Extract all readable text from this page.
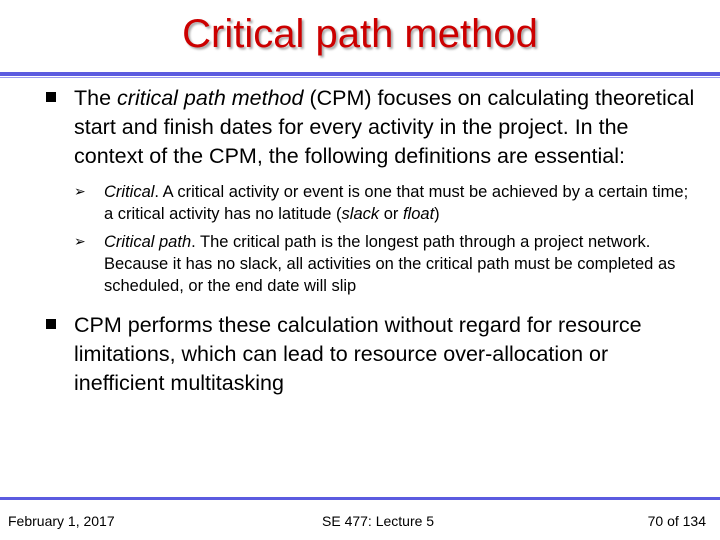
Critical path method
The critical path method (CPM) focuses on calculating theoretical start and finish dates for every activity in the project. In the context of the CPM, the following definitions are essential:
➢ Critical. A critical activity or event is one that must be achieved by a certain time; a critical activity has no latitude (slack or float)
➢ Critical path. The critical path is the longest path through a project network. Because it has no slack, all activities on the critical path must be completed as scheduled, or the end date will slip
CPM performs these calculation without regard for resource limitations, which can lead to resource over-allocation or inefficient multitasking
February 1, 2017	SE 477: Lecture 5	70 of 134
